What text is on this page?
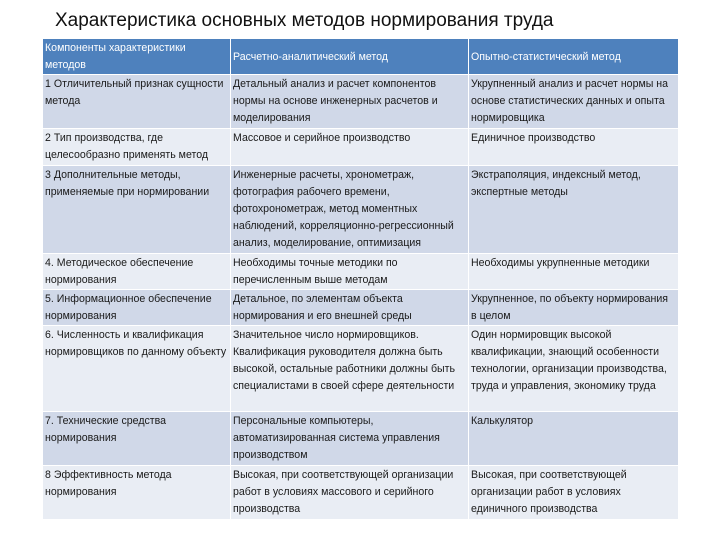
Характеристика основных методов нормирования труда
Компоненты характеристики методов	Расчетно-аналитический метод	Опытно-статистический метод
1 Отличительный признак сущности метода	Детальный анализ и расчет компонентов нормы на основе инженерных расчетов и моделирования	Укрупненный анализ и расчет нормы на основе статистических данных и опыта нормировщика
2 Тип производства, где целесообразно применять метод	Массовое и серийное производство	Единичное производство
3 Дополнительные методы, применяемые при нормировании	Инженерные расчеты, хронометраж, фотография рабочего времени, фотохронометраж, метод моментных наблюдений, корреляционно-регрессионный анализ, моделирование, оптимизация	Экстраполяция, индексный метод, экспертные методы
4. Методическое обеспечение нормирования	Необходимы точные методики по перечисленным выше методам	Необходимы укрупненные методики
5. Информационное обеспечение нормирования	Детальное, по элементам объекта нормирования и его внешней среды	Укрупненное, по объекту нормирования в целом
6. Численность и квалификация нормировщиков по данному объекту	Значительное число нормировщиков. Квалификация руководителя должна быть высокой, остальные работники должны быть специалистами в своей сфере деятельности	Один нормировщик высокой квалификации, знающий особенности технологии, организации производства, труда и управления, экономику труда
7. Технические средства нормирования	Персональные компьютеры, автоматизированная система управления производством	Калькулятор
8 Эффективность метода нормирования	Высокая, при соответствующей организации работ в условиях массового и серийного производства	Высокая, при соответствующей организации работ в условиях единичного производства
